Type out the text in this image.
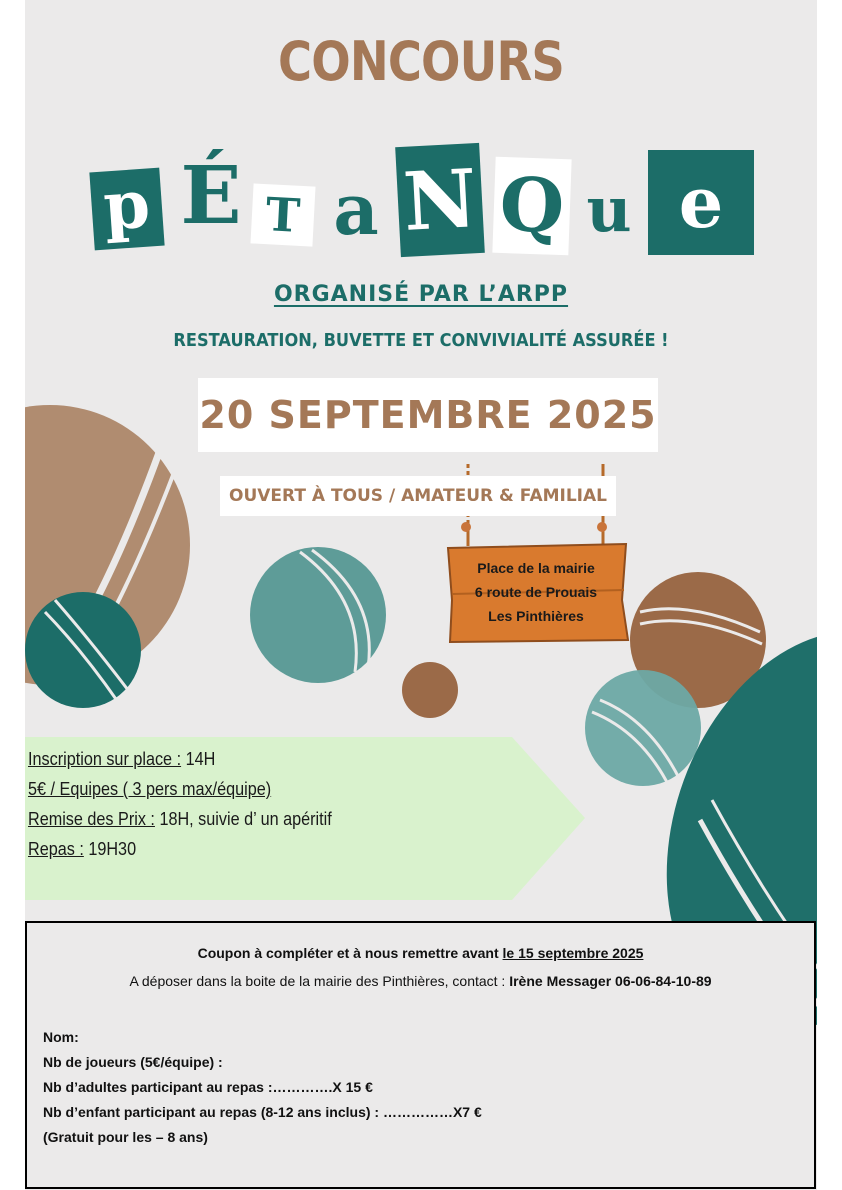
CONCOURS
p É T a N Q u e
ORGANISÉ PAR L’ARPP
RESTAURATION, BUVETTE ET CONVIVIALITÉ ASSURÉE !
20 SEPTEMBRE 2025
OUVERT À TOUS / AMATEUR & FAMILIAL
Place de la mairie
6 route de Prouais
Les Pinthières
Inscription sur place : 14H
5€ / Equipes ( 3 pers max/équipe)
Remise des Prix : 18H, suivie d’ un apéritif
Repas : 19H30
Coupon à compléter et à nous remettre avant le 15 septembre 2025
A déposer dans la boite de la mairie des Pinthières, contact : Irène Messager 06-06-84-10-89
Nom:
Nb de joueurs (5€/équipe) :
Nb d’adultes participant au repas :………….X 15 €
Nb d’enfant participant au repas (8-12 ans inclus) : ……………X7 €
(Gratuit pour les – 8 ans)
